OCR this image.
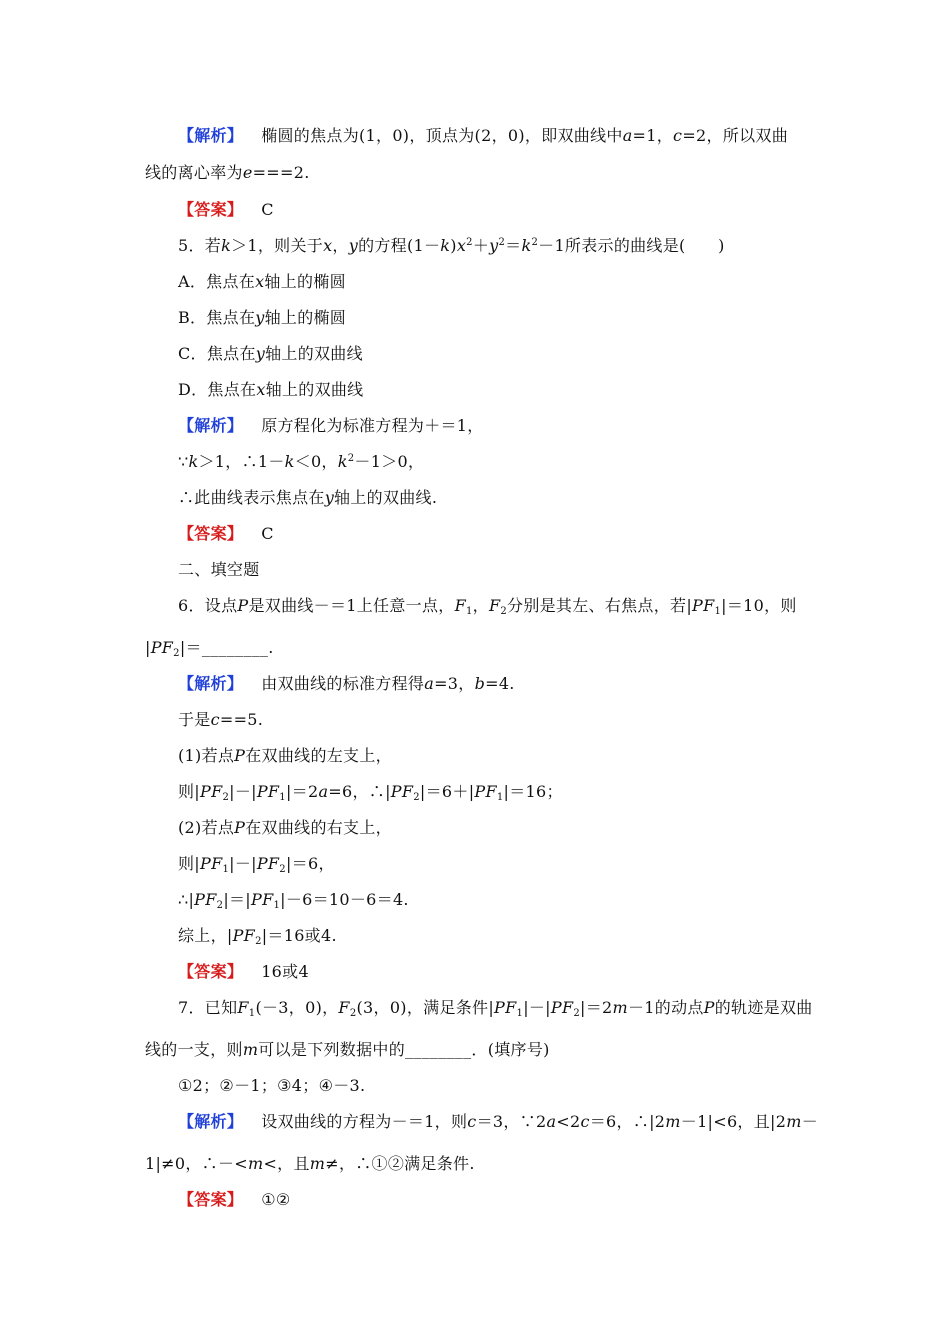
【解析】 椭圆的焦点为(1，0)，顶点为(2，0)，即双曲线中a=1，c=2，所以双曲
线的离心率为e===2.
【答案】 C
5．若k＞1，则关于x，y的方程$(1-k)x^2+y^2=k^2-1$所表示的曲线是(　　)
A．焦点在x轴上的椭圆
B．焦点在y轴上的椭圆
C．焦点在y轴上的双曲线
D．焦点在x轴上的双曲线
【解析】 原方程化为标准方程为＋＝1，
∵k＞1，∴1－k＜0，$k^2-1>0$，
∴此曲线表示焦点在y轴上的双曲线.
【答案】 C
二、填空题
6．设点P是双曲线－＝1上任意一点，$F_1$，$F_2$分别是其左、右焦点，若$|PF_1|=10$，则
$|PF_2|=\_\_\_\_\_\_\_\_$.
【解析】 由双曲线的标准方程得a=3，b=4.
于是c==5.
(1)若点P在双曲线的左支上，
则$|PF_2|-|PF_1|=2a=6$，$\therefore|PF_2|=6+|PF_1|=16$；
(2)若点P在双曲线的右支上，
则$|PF_1|-|PF_2|=6$，
$\therefore|PF_2|=|PF_1|-6=10-6=4$.
综上，$|PF_2|=16$或4.
【答案】 16或4
7．已知$F_1(-3$，0)，$F_2(3$，0)，满足条件$|PF_1|-|PF_2|=2m-1$的动点P的轨迹是双曲
线的一支，则m可以是下列数据中的________．(填序号)
①2；②－1；③4；④－3.
【解析】 设双曲线的方程为－＝1，则c＝3，∵2a<2c＝6，∴|2m－1|<6，且|2m－
1|≠0，∴－<m<，且m≠，∴①②满足条件.
【答案】 ①②
